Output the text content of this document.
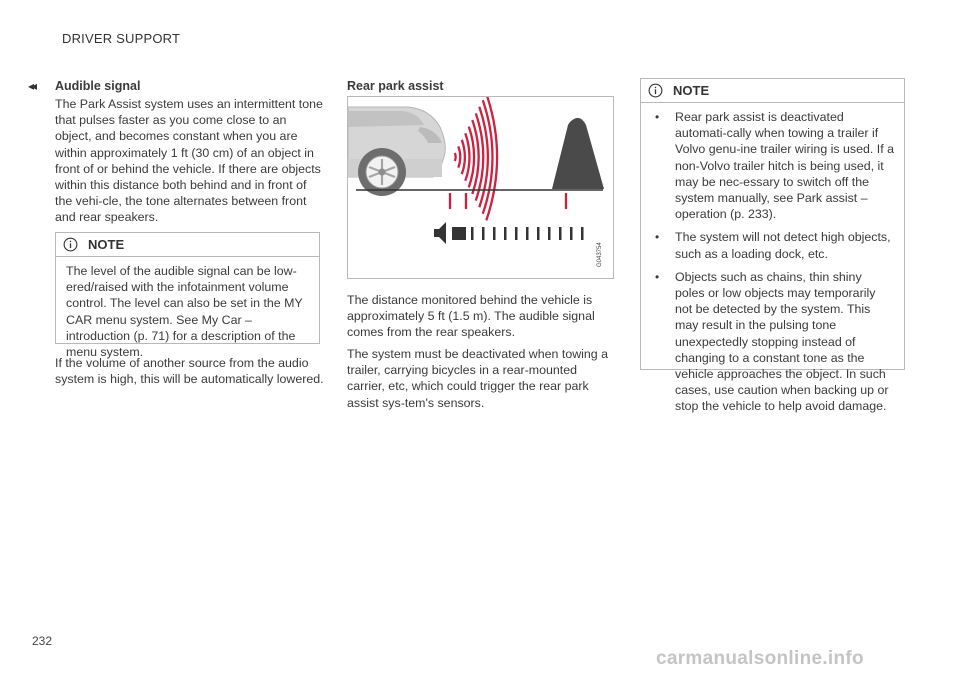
DRIVER SUPPORT
◂◂ Audible signal

The Park Assist system uses an intermittent tone that pulses faster as you come close to an object, and becomes constant when you are within approximately 1 ft (30 cm) of an object in front of or behind the vehicle. If there are objects within this distance both behind and in front of the vehi-cle, the tone alternates between front and rear speakers.

NOTE

The level of the audible signal can be low-ered/raised with the infotainment volume control. The level can also be set in the MY CAR menu system. See My Car – introduction (p. 71) for a description of the menu system.

If the volume of another source from the audio system is high, this will be automatically lowered.

Rear park assist
G043754

The distance monitored behind the vehicle is approximately 5 ft (1.5 m). The audible signal comes from the rear speakers.

The system must be deactivated when towing a trailer, carrying bicycles in a rear-mounted carrier, etc, which could trigger the rear park assist sys-tem's sensors.

NOTE
• Rear park assist is deactivated automati-cally when towing a trailer if Volvo genu-ine trailer wiring is used. If a non-Volvo trailer hitch is being used, it may be nec-essary to switch off the system manually, see Park assist – operation (p. 233).
• The system will not detect high objects, such as a loading dock, etc.
• Objects such as chains, thin shiny poles or low objects may temporarily not be detected by the system. This may result in the pulsing tone unexpectedly stopping instead of changing to a constant tone as the vehicle approaches the object. In such cases, use caution when backing up or stop the vehicle to help avoid damage.
232
carmanualsonline.info
